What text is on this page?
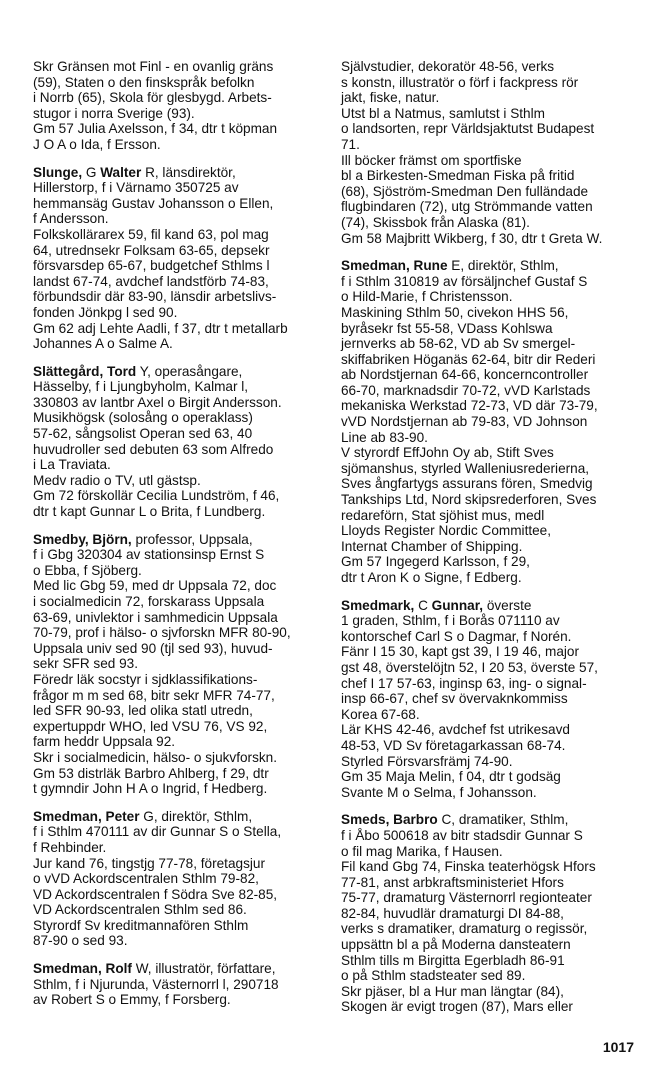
Skr Gränsen mot Finl - en ovanlig gräns
(59), Staten o den finskspråk befolkn
i Norrb (65), Skola för glesbygd. Arbets-
stugor i norra Sverige (93).
Gm 57 Julia Axelsson, f 34, dtr t köpman
J O A o Ida, f Ersson.
Slunge, G Walter R, länsdirektör,
Hillerstorp, f i Värnamo 350725 av
hemmansäg Gustav Johansson o Ellen,
f Andersson.
Folkskollärarex 59, fil kand 63, pol mag
64, utrednsekr Folksam 63-65, depsekr
försvarsdep 65-67, budgetchef Sthlms l
landst 67-74, avdchef landstförb 74-83,
förbundsdir där 83-90, länsdir arbetslivs-
fonden Jönkpg l sed 90.
Gm 62 adj Lehte Aadli, f 37, dtr t metallarb
Johannes A o Salme A.
Slättegård, Tord Y, operasångare,
Hässelby, f i Ljungbyholm, Kalmar l,
330803 av lantbr Axel o Birgit Andersson.
Musikhögsk (solosång o operaklass)
57-62, sångsolist Operan sed 63, 40
huvudroller sed debuten 63 som Alfredo
i La Traviata.
Medv radio o TV, utl gästsp.
Gm 72 förskollär Cecilia Lundström, f 46,
dtr t kapt Gunnar L o Brita, f Lundberg.
Smedby, Björn, professor, Uppsala,
f i Gbg 320304 av stationsinsp Ernst S
o Ebba, f Sjöberg.
Med lic Gbg 59, med dr Uppsala 72, doc
i socialmedicin 72, forskarass Uppsala
63-69, univlektor i samhmedicin Uppsala
70-79, prof i hälso- o sjvforskn MFR 80-90,
Uppsala univ sed 90 (tjl sed 93), huvud-
sekr SFR sed 93.
Föredr läk socstyr i sjdklassifikations-
frågor m m sed 68, bitr sekr MFR 74-77,
led SFR 90-93, led olika statl utredn,
expertuppdr WHO, led VSU 76, VS 92,
farm heddr Uppsala 92.
Skr i socialmedicin, hälso- o sjukvforskn.
Gm 53 distrläk Barbro Ahlberg, f 29, dtr
t gymndir John H A o Ingrid, f Hedberg.
Smedman, Peter G, direktör, Sthlm,
f i Sthlm 470111 av dir Gunnar S o Stella,
f Rehbinder.
Jur kand 76, tingstjg 77-78, företagsjur
o vVD Ackordscentralen Sthlm 79-82,
VD Ackordscentralen f Södra Sve 82-85,
VD Ackordscentralen Sthlm sed 86.
Styrordf Sv kreditmannafören Sthlm
87-90 o sed 93.
Smedman, Rolf W, illustratör, författare,
Sthlm, f i Njurunda, Västernorrl l, 290718
av Robert S o Emmy, f Forsberg.
Självstudier, dekoratör 48-56, verks
s konstn, illustratör o förf i fackpress rör
jakt, fiske, natur.
Utst bl a Natmus, samlutst i Sthlm
o landsorten, repr Världsjaktutst Budapest
71.
Ill böcker främst om sportfiske
bl a Birkesten-Smedman Fiska på fritid
(68), Sjöström-Smedman Den fulländade
flugbindaren (72), utg Strömmande vatten
(74), Skissbok från Alaska (81).
Gm 58 Majbritt Wikberg, f 30, dtr t Greta W.
Smedman, Rune E, direktör, Sthlm,
f i Sthlm 310819 av försäljnchef Gustaf S
o Hild-Marie, f Christensson.
Maskining Sthlm 50, civekon HHS 56,
byråsekr fst 55-58, VDass Kohlswa
jernverks ab 58-62, VD ab Sv smergel-
skiffabriken Höganäs 62-64, bitr dir Rederi
ab Nordstjernan 64-66, koncerncontroller
66-70, marknadsdir 70-72, vVD Karlstads
mekaniska Werkstad 72-73, VD där 73-79,
vVD Nordstjernan ab 79-83, VD Johnson
Line ab 83-90.
V styrordf EffJohn Oy ab, Stift Sves
sjömanshus, styrled Walleniusrederierna,
Sves ångfartygs assurans fören, Smedvig
Tankships Ltd, Nord skipsrederforen, Sves
redareförn, Stat sjöhist mus, medl
Lloyds Register Nordic Committee,
Internat Chamber of Shipping.
Gm 57 Ingegerd Karlsson, f 29,
dtr t Aron K o Signe, f Edberg.
Smedmark, C Gunnar, överste
1 graden, Sthlm, f i Borås 071110 av
kontorschef Carl S o Dagmar, f Norén.
Fänr I 15 30, kapt gst 39, I 19 46, major
gst 48, överstelöjtn 52, I 20 53, överste 57,
chef I 17 57-63, inginsp 63, ing- o signal-
insp 66-67, chef sv övervaknkommiss
Korea 67-68.
Lär KHS 42-46, avdchef fst utrikesavd
48-53, VD Sv företagarkassan 68-74.
Styrled Försvarsfrämj 74-90.
Gm 35 Maja Melin, f 04, dtr t godsäg
Svante M o Selma, f Johansson.
Smeds, Barbro C, dramatiker, Sthlm,
f i Åbo 500618 av bitr stadsdir Gunnar S
o fil mag Marika, f Hausen.
Fil kand Gbg 74, Finska teaterhögsk Hfors
77-81, anst arbkraftsministeriet Hfors
75-77, dramaturg Västernorrl regionteater
82-84, huvudlär dramaturgi DI 84-88,
verks s dramatiker, dramaturg o regissör,
uppsättn bl a på Moderna dansteatern
Sthlm tills m Birgitta Egerbladh 86-91
o på Sthlm stadsteater sed 89.
Skr pjäser, bl a Hur man längtar (84),
Skogen är evigt trogen (87), Mars eller
1017
